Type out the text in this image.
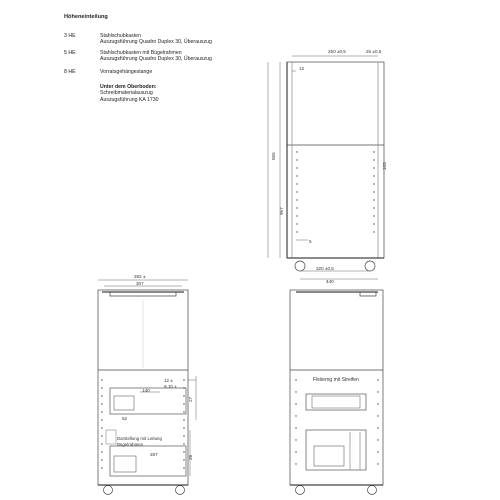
Höheneinteilung
3 HE	Stahlschubkasten
Auszugsführung Quadro Duplex 30, Überauszug
5 HE	Stahlschubkasten mit Bügelrahmen
Auszugsführung Quadro Duplex 30, Überauszug
8 HE	Vorratsgehängestange
Unter dem Oberboden:
Schreibmaterialauszug
Auszugsführung KA 1730
250 ±0,5	26 ±0,5
12
555
957
103
5
320 ±0,5
440
282 ±
307
140
12 ±
9,10 ±
287
52
27
26
Fleiierng mit Streifen
Darstellung mit Leitung
Bügelrahmen
